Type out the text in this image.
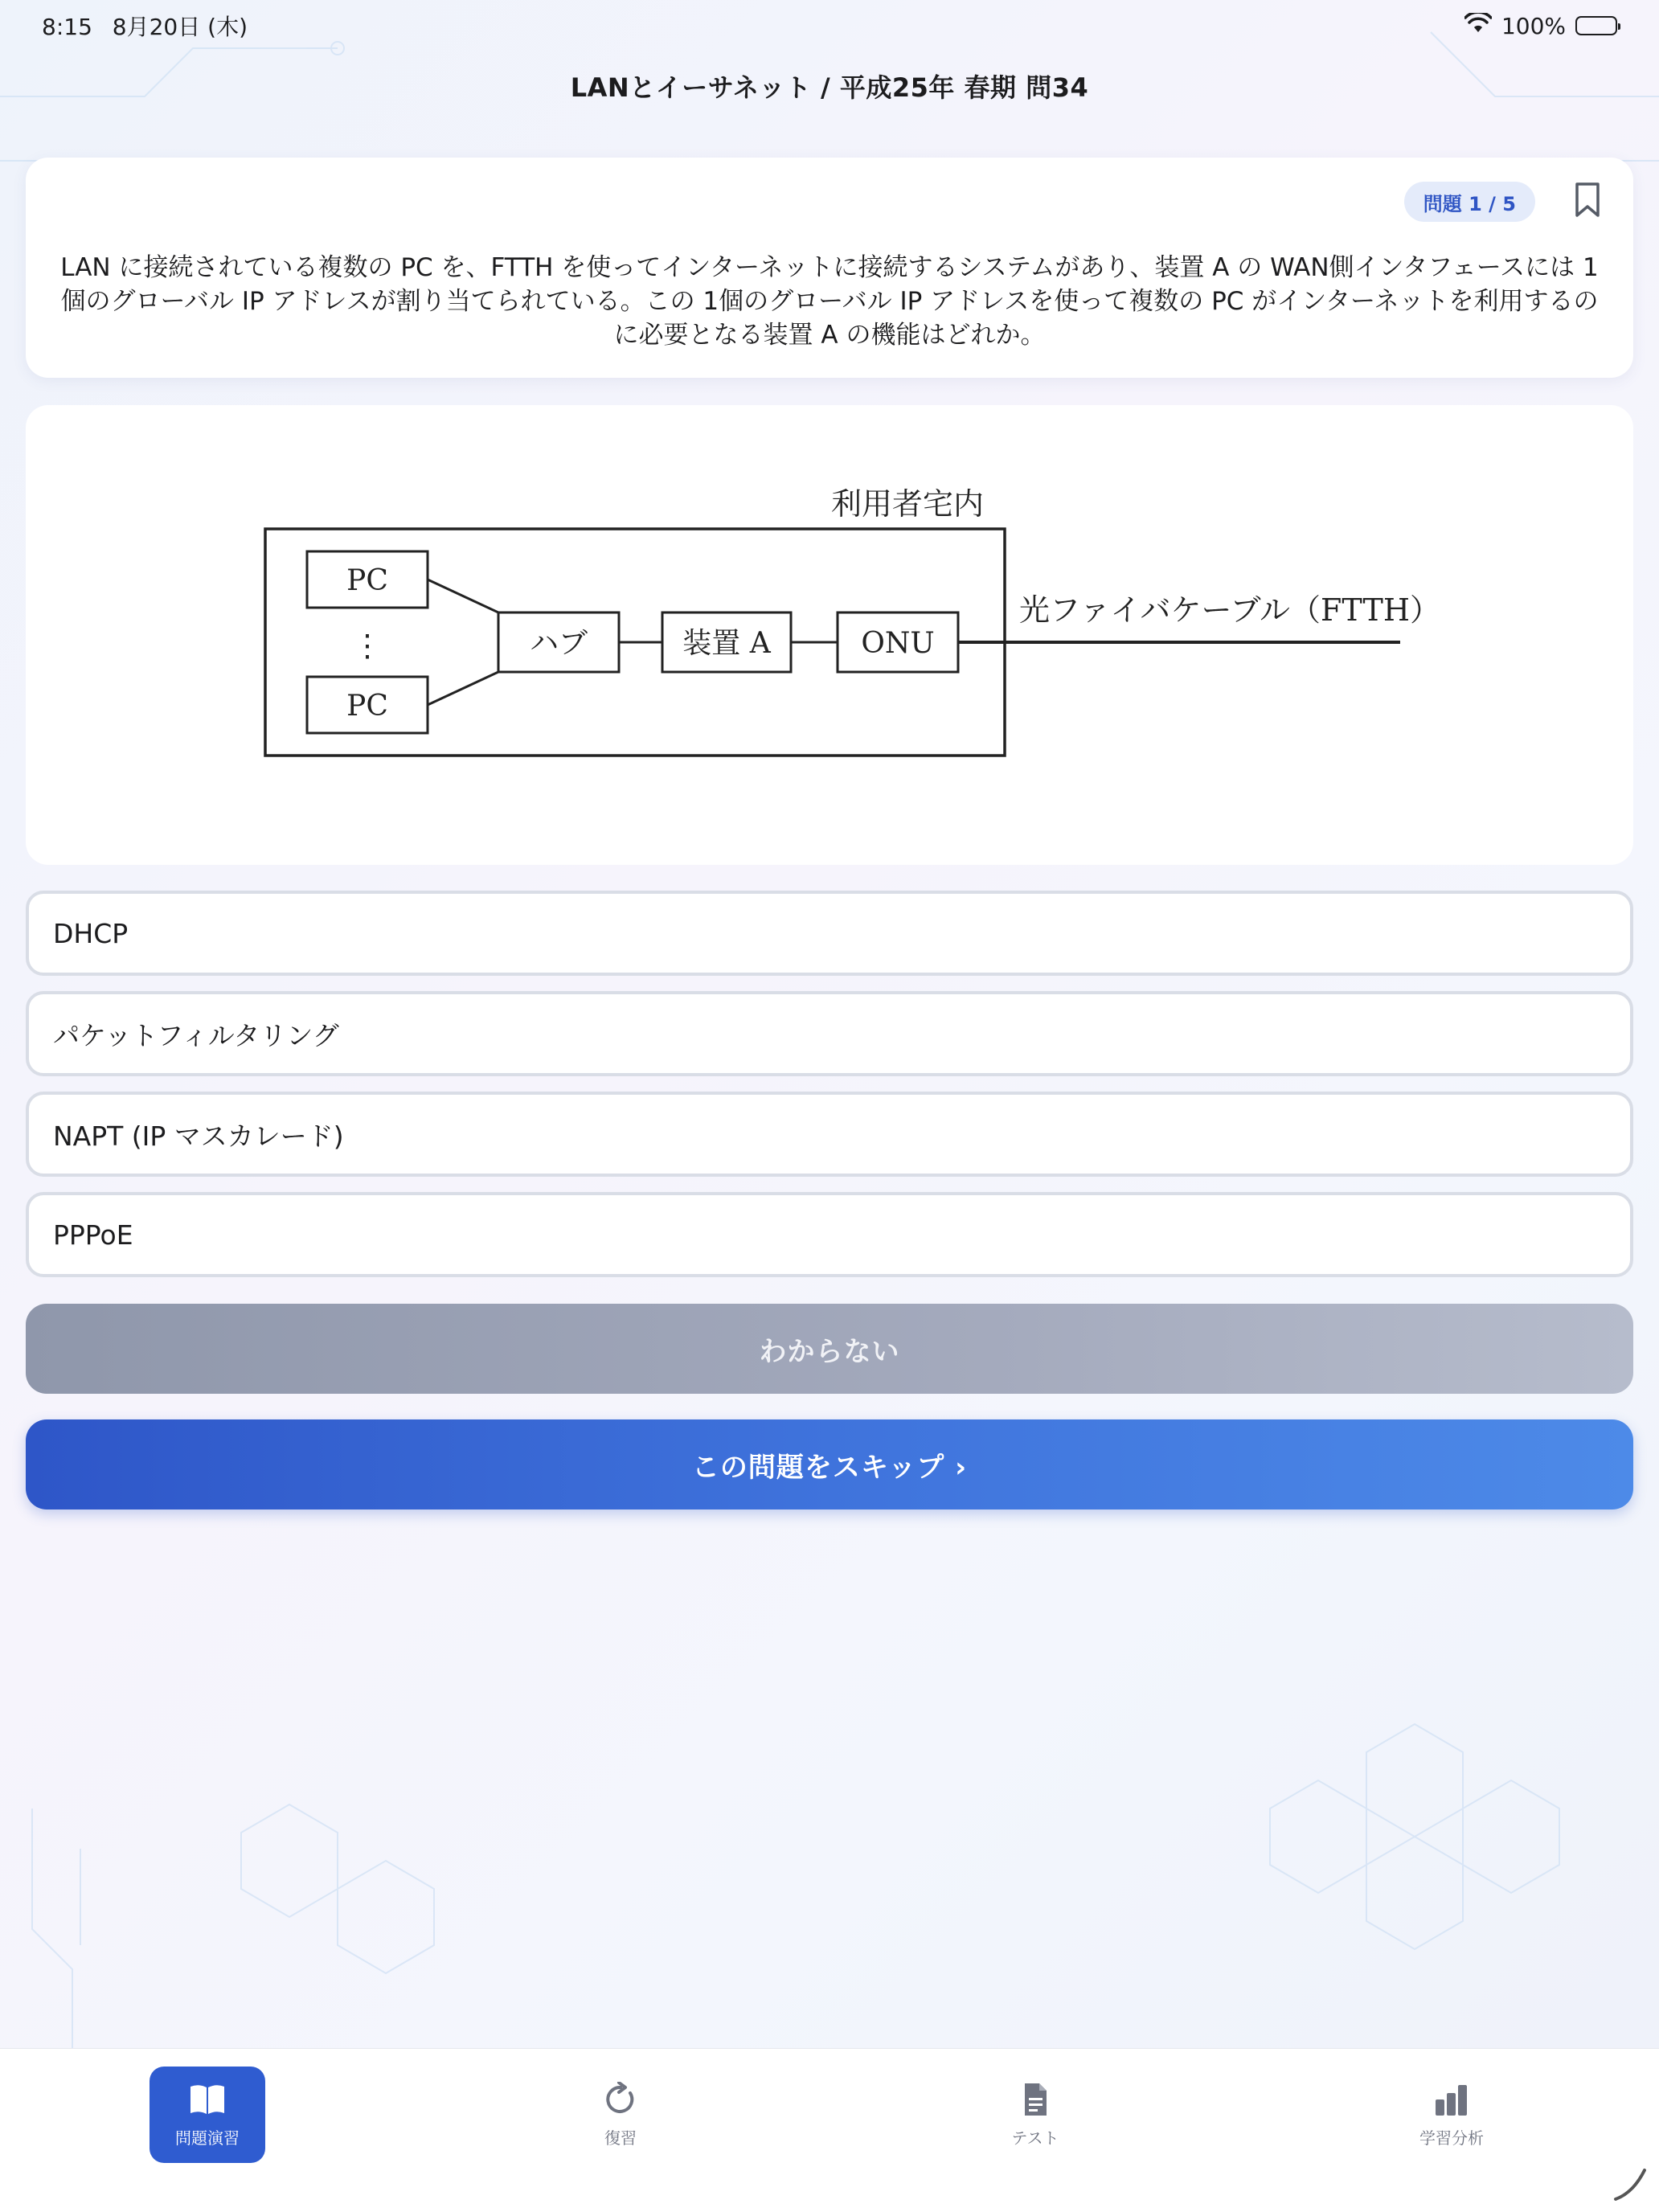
8:15 8月20日 (木)	100%
LANとイーサネット / 平成25年 春期 問34
問題 1 / 5
LAN に接続されている複数の PC を、FTTH を使ってインターネットに接続するシステムがあり、装置 A の WAN側インタフェースには 1個のグローバル IP アドレスが割り当てられている。この 1個のグローバル IP アドレスを使って複数の PC がインターネットを利用するのに必要となる装置 A の機能はどれか。
利用者宅内
PC
⋮
PC
ハブ	装置 A	ONU
光ファイバケーブル（FTTH）
DHCP
パケットフィルタリング
NAPT (IP マスカレード)
PPPoE
わからない
この問題をスキップ ›
問題演習	復習	テスト	学習分析
